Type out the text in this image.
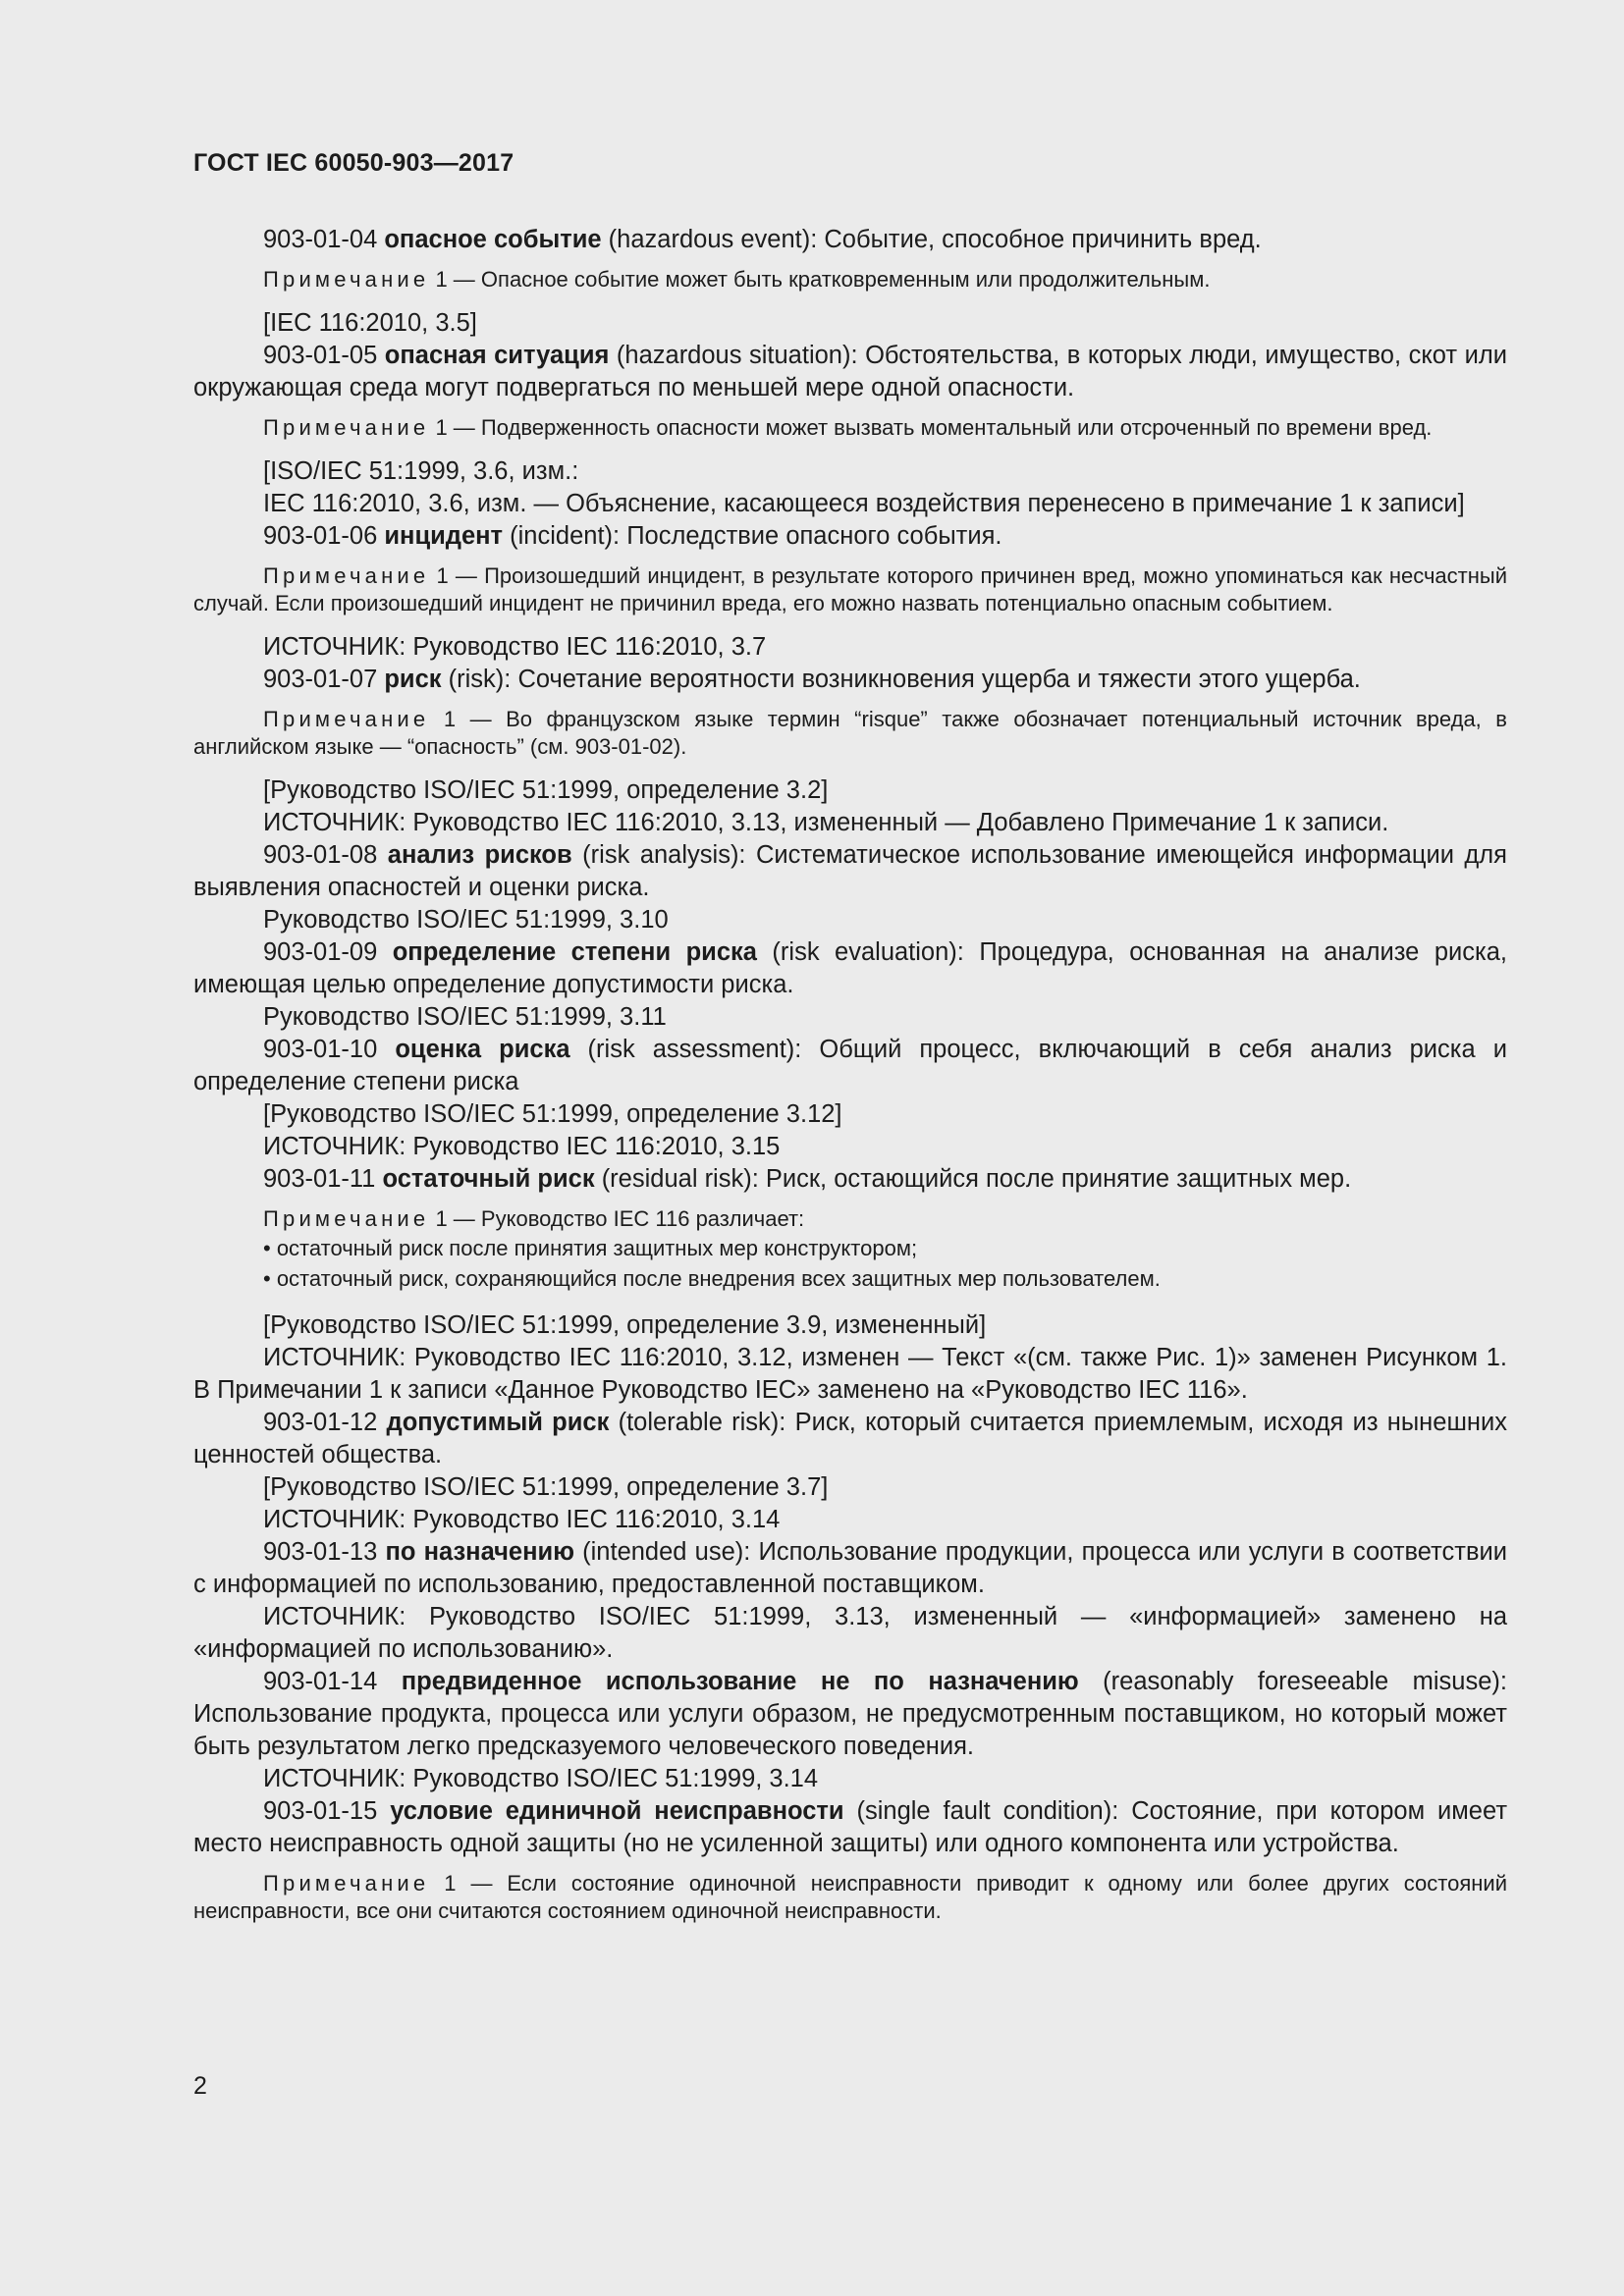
ГОСТ IEC 60050-903—2017

903-01-04 опасное событие (hazardous event): Событие, способное причинить вред.

Примечание 1 — Опасное событие может быть кратковременным или продолжительным.

[IEC 116:2010, 3.5]

903-01-05 опасная ситуация (hazardous situation): Обстоятельства, в которых люди, имущество, скот или окружающая среда могут подвергаться по меньшей мере одной опасности.

Примечание 1 — Подверженность опасности может вызвать моментальный или отсроченный по времени вред.

[ISO/IEC 51:1999, 3.6, изм.:

IEC 116:2010, 3.6, изм. — Объяснение, касающееся воздействия перенесено в примечание 1 к записи]

903-01-06 инцидент (incident): Последствие опасного события.

Примечание 1 — Произошедший инцидент, в результате которого причинен вред, можно упоминаться как несчастный случай. Если произошедший инцидент не причинил вреда, его можно назвать потенциально опасным событием.

ИСТОЧНИК: Руководство IEC 116:2010, 3.7

903-01-07 риск (risk): Сочетание вероятности возникновения ущерба и тяжести этого ущерба.

Примечание 1 — Во французском языке термин “risque” также обозначает потенциальный источник вреда, в английском языке — “опасность” (см. 903-01-02).

[Руководство ISO/IEC 51:1999, определение 3.2]

ИСТОЧНИК: Руководство IEC 116:2010, 3.13, измененный — Добавлено Примечание 1 к записи.

903-01-08 анализ рисков (risk analysis): Систематическое использование имеющейся информации для выявления опасностей и оценки риска.

Руководство ISO/IEC 51:1999, 3.10

903-01-09 определение степени риска (risk evaluation): Процедура, основанная на анализе риска, имеющая целью определение допустимости риска.

Руководство ISO/IEC 51:1999, 3.11

903-01-10 оценка риска (risk assessment): Общий процесс, включающий в себя анализ риска и определение степени риска

[Руководство ISO/IEC 51:1999, определение 3.12]

ИСТОЧНИК: Руководство IEC 116:2010, 3.15

903-01-11 остаточный риск (residual risk): Риск, остающийся после принятие защитных мер.

Примечание 1 — Руководство IEC 116 различает:

• остаточный риск после принятия защитных мер конструктором;

• остаточный риск, сохраняющийся после внедрения всех защитных мер пользователем.

[Руководство ISO/IEC 51:1999, определение 3.9, измененный]

ИСТОЧНИК: Руководство IEC 116:2010, 3.12, изменен — Текст «(см. также Рис. 1)» заменен Рисунком 1. В Примечании 1 к записи «Данное Руководство IEC» заменено на «Руководство IEC 116».

903-01-12 допустимый риск (tolerable risk): Риск, который считается приемлемым, исходя из нынешних ценностей общества.

[Руководство ISO/IEC 51:1999, определение 3.7]

ИСТОЧНИК: Руководство IEC 116:2010, 3.14

903-01-13 по назначению (intended use): Использование продукции, процесса или услуги в соответствии с информацией по использованию, предоставленной поставщиком.

ИСТОЧНИК: Руководство ISO/IEC 51:1999, 3.13, измененный — «информацией» заменено на «информацией по использованию».

903-01-14 предвиденное использование не по назначению (reasonably foreseeable misuse): Использование продукта, процесса или услуги образом, не предусмотренным поставщиком, но который может быть результатом легко предсказуемого человеческого поведения.

ИСТОЧНИК: Руководство ISO/IEC 51:1999, 3.14

903-01-15 условие единичной неисправности (single fault condition): Состояние, при котором имеет место неисправность одной защиты (но не усиленной защиты) или одного компонента или устройства.

Примечание 1 — Если состояние одиночной неисправности приводит к одному или более других состояний неисправности, все они считаются состоянием одиночной неисправности.

2
